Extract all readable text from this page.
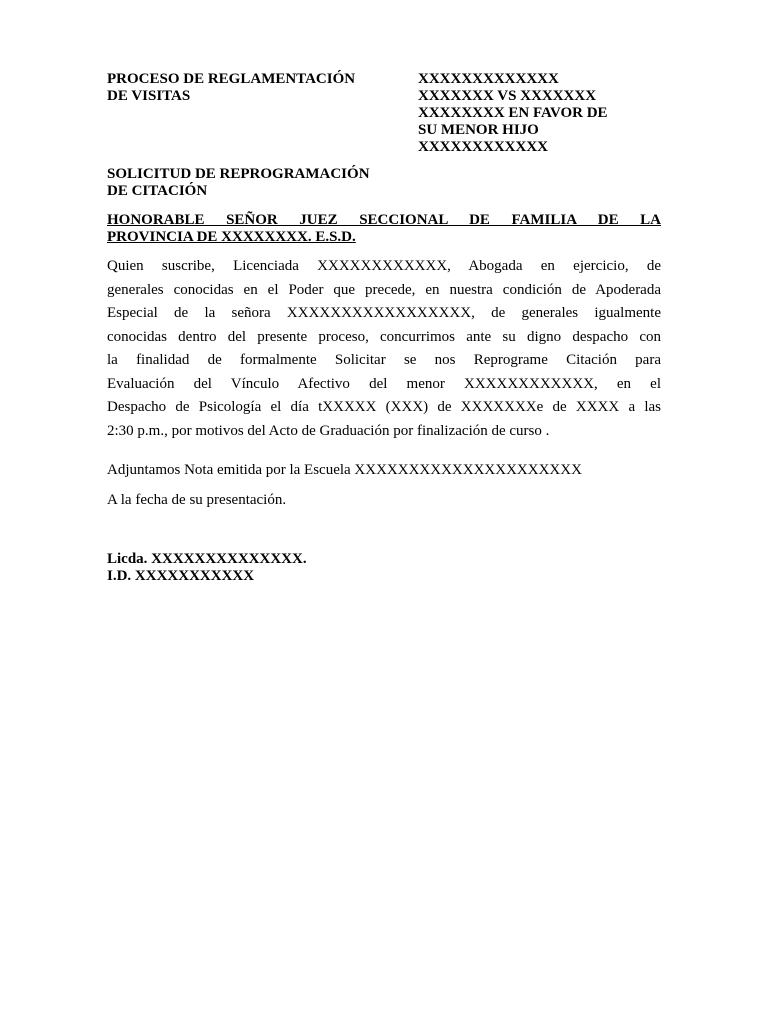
PROCESO DE REGLAMENTACIÓN
DE VISITAS
XXXXXXXXXXXXX
XXXXXXX VS XXXXXXX
XXXXXXXX EN FAVOR DE
SU MENOR HIJO
XXXXXXXXXXXX
SOLICITUD DE REPROGRAMACIÓN
DE CITACIÓN
HONORABLE SEÑOR JUEZ SECCIONAL DE FAMILIA DE LA
PROVINCIA DE XXXXXXXX. E.S.D.
Quien suscribe, Licenciada XXXXXXXXXXXX, Abogada en ejercicio, de
generales conocidas en el Poder que precede, en nuestra condición de Apoderada
Especial de la señora XXXXXXXXXXXXXXXXX, de generales igualmente
conocidas dentro del presente proceso, concurrimos ante su digno despacho con
la finalidad de formalmente Solicitar se nos Reprograme Citación para
Evaluación del Vínculo Afectivo del menor XXXXXXXXXXXX, en el
Despacho de Psicología el día tXXXXX (XXX) de XXXXXXXe de XXXX a las
2:30 p.m., por motivos del Acto de Graduación por finalización de curso .
Adjuntamos Nota emitida por la Escuela XXXXXXXXXXXXXXXXXXXXX
A la fecha de su presentación.
Licda. XXXXXXXXXXXXXX.
I.D. XXXXXXXXXXX
